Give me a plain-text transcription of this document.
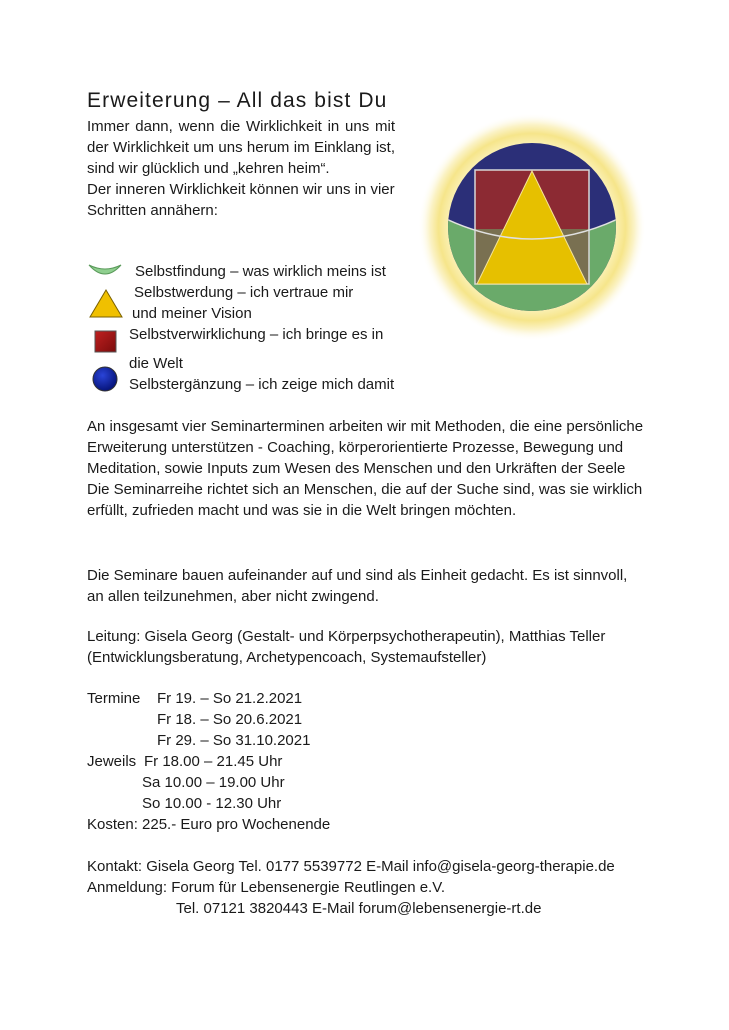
Erweiterung – All das bist Du

Immer dann, wenn die Wirklichkeit in uns mit der Wirklichkeit um uns herum im Einklang ist, sind wir glücklich und „kehren heim“.

Der inneren Wirklichkeit können wir uns in vier Schritten annähern:

Selbstfindung – was wirklich meins ist
Selbstwerdung – ich vertraue mir
und meiner Vision
Selbstverwirklichung – ich bringe es in
die Welt
Selbstergänzung – ich zeige mich damit

An insgesamt vier Seminarterminen arbeiten wir mit Methoden, die eine persönliche Erweiterung unterstützen - Coaching, körperorientierte Prozesse, Bewegung und Meditation, sowie Inputs zum Wesen des Menschen und den Urkräften der Seele

Die Seminarreihe richtet sich an Menschen, die auf der Suche sind, was sie wirklich erfüllt, zufrieden macht und was sie in die Welt bringen möchten.

Die Seminare bauen aufeinander auf und sind als Einheit gedacht. Es ist sinnvoll, an allen teilzunehmen, aber nicht zwingend.

Leitung: Gisela Georg (Gestalt- und Körperpsychotherapeutin), Matthias Teller (Entwicklungsberatung, Archetypencoach, Systemaufsteller)

Termine Fr 19. – So 21.2.2021
Fr 18. – So 20.6.2021
Fr 29. – So 31.10.2021
Jeweils Fr 18.00 – 21.45 Uhr
Sa 10.00 – 19.00 Uhr
So 10.00 - 12.30 Uhr
Kosten: 225.- Euro pro Wochenende
Kontakt: Gisela Georg Tel. 0177 5539772 E-Mail info@gisela-georg-therapie.de
Anmeldung: Forum für Lebensenergie Reutlingen e.V.
Tel. 07121 3820443 E-Mail forum@lebensenergie-rt.de
